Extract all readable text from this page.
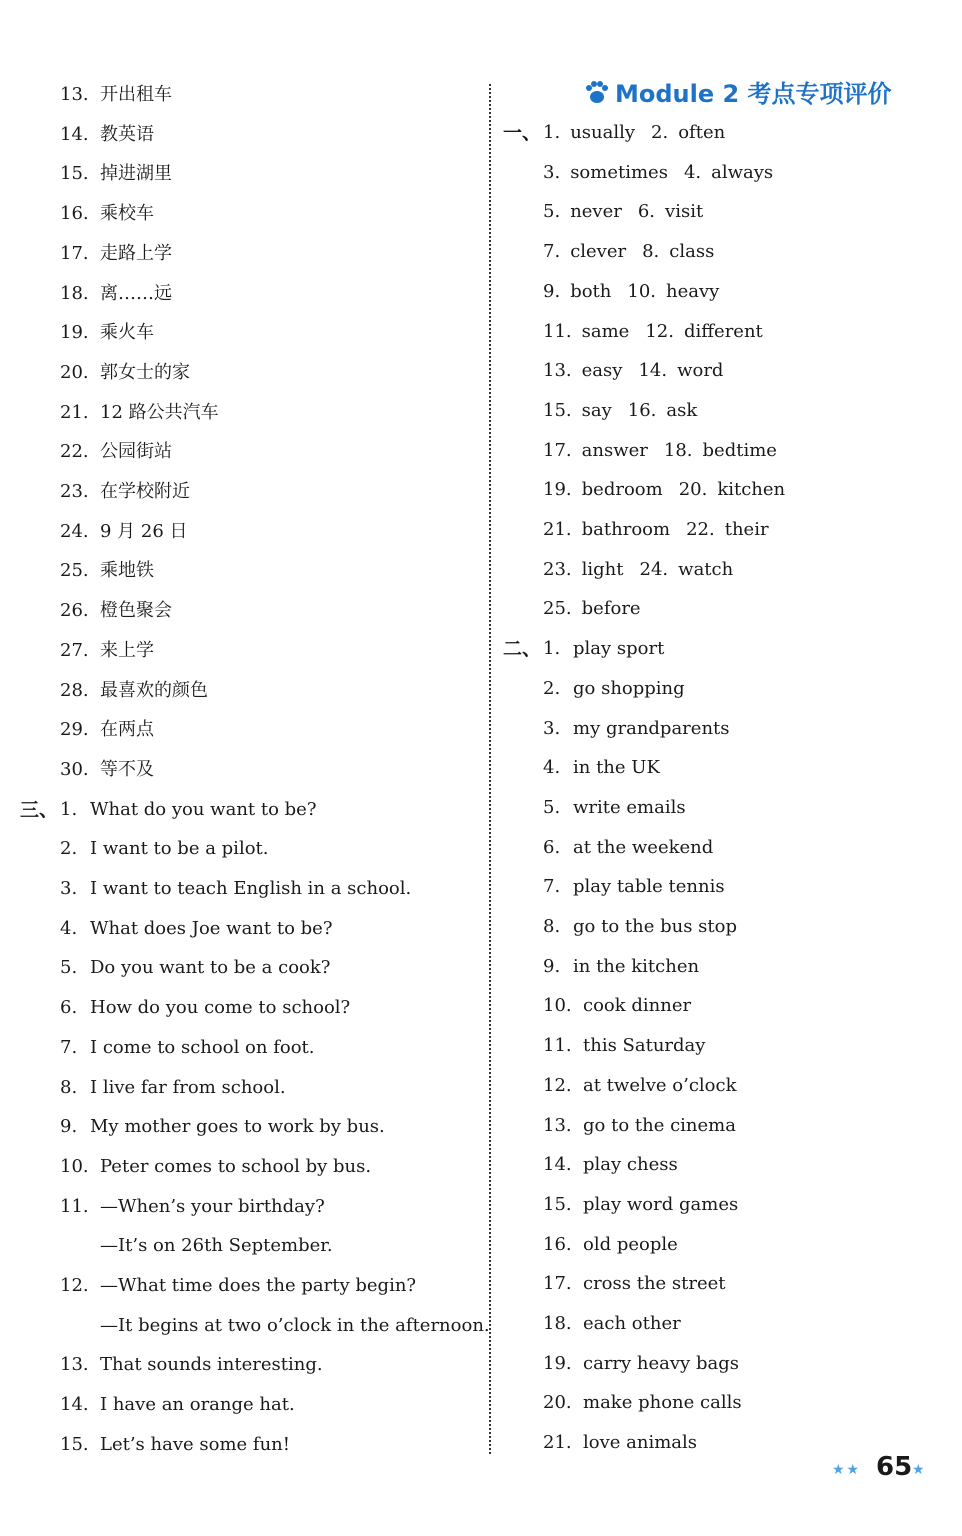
13. 开出租车
14. 教英语
15. 掉进湖里
16. 乘校车
17. 走路上学
18. 离……远
19. 乘火车
20. 郭女士的家
21. 12 路公共汽车
22. 公园街站
23. 在学校附近
24. 9 月 26 日
25. 乘地铁
26. 橙色聚会
27. 来上学
28. 最喜欢的颜色
29. 在两点
30. 等不及
三、 1. What do you want to be?
2. I want to be a pilot.
3. I want to teach English in a school.
4. What does Joe want to be?
5. Do you want to be a cook?
6. How do you come to school?
7. I come to school on foot.
8. I live far from school.
9. My mother goes to work by bus.
10. Peter comes to school by bus.
11. —When’s your birthday?
—It’s on 26th September.
12. —What time does the party begin?
—It begins at two o’clock in the afternoon.
13. That sounds interesting.
14. I have an orange hat.
15. Let’s have some fun!
Module 2 考点专项评价
一、 1. usually 2. often
3. sometimes 4. always
5. never 6. visit
7. clever 8. class
9. both 10. heavy
11. same 12. different
13. easy 14. word
15. say 16. ask
17. answer 18. bedtime
19. bedroom 20. kitchen
21. bathroom 22. their
23. light 24. watch
25. before
二、 1. play sport
2. go shopping
3. my grandparents
4. in the UK
5. write emails
6. at the weekend
7. play table tennis
8. go to the bus stop
9. in the kitchen
10. cook dinner
11. this Saturday
12. at twelve o’clock
13. go to the cinema
14. play chess
15. play word games
16. old people
17. cross the street
18. each other
19. carry heavy bags
20. make phone calls
21. love animals
★★ 65 ★
